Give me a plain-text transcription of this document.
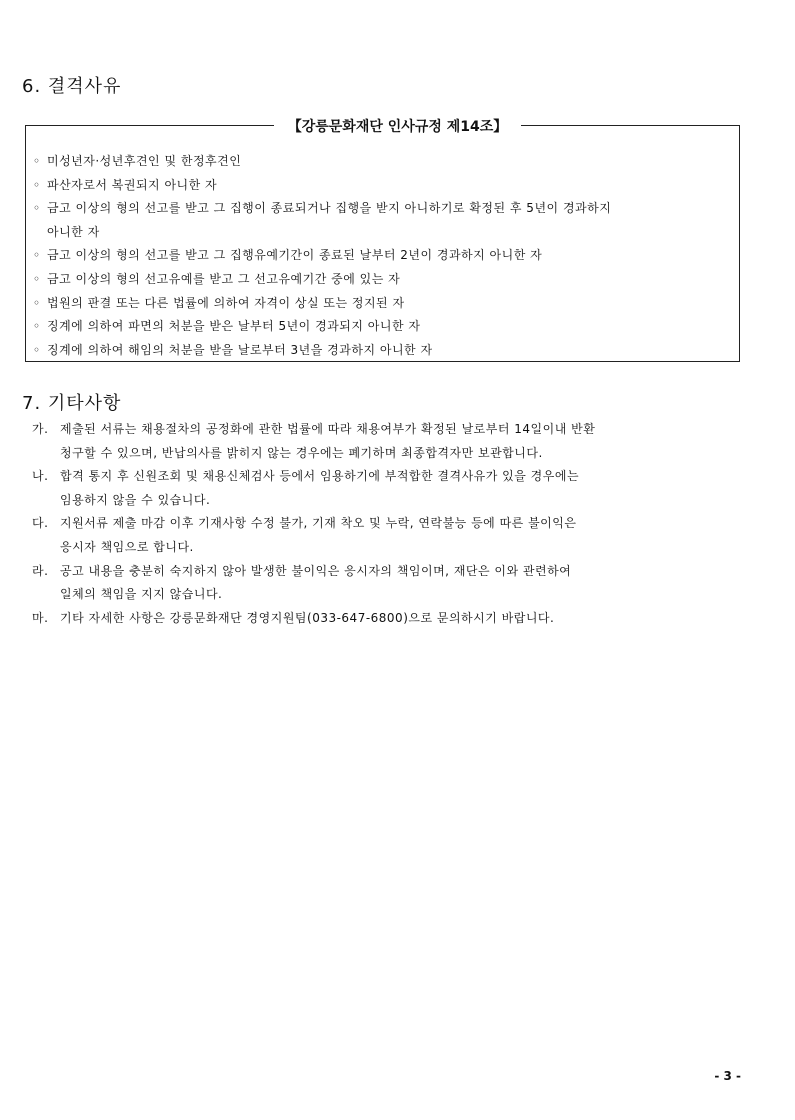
6. 결격사유
【강릉문화재단 인사규정 제14조】
◦ 미성년자·성년후견인 및 한정후견인
◦ 파산자로서 복권되지 아니한 자
◦ 금고 이상의 형의 선고를 받고 그 집행이 종료되거나 집행을 받지 아니하기로 확정된 후 5년이 경과하지
아니한 자
◦ 금고 이상의 형의 선고를 받고 그 집행유예기간이 종료된 날부터 2년이 경과하지 아니한 자
◦ 금고 이상의 형의 선고유예를 받고 그 선고유예기간 중에 있는 자
◦ 법원의 판결 또는 다른 법률에 의하여 자격이 상실 또는 정지된 자
◦ 징계에 의하여 파면의 처분을 받은 날부터 5년이 경과되지 아니한 자
◦ 징계에 의하여 해임의 처분을 받을 날로부터 3년을 경과하지 아니한 자
7. 기타사항
가. 제출된 서류는 채용절차의 공정화에 관한 법률에 따라 채용여부가 확정된 날로부터 14일이내 반환
청구할 수 있으며, 반납의사를 밝히지 않는 경우에는 폐기하며 최종합격자만 보관합니다.
나. 합격 통지 후 신원조회 및 채용신체검사 등에서 임용하기에 부적합한 결격사유가 있을 경우에는
임용하지 않을 수 있습니다.
다. 지원서류 제출 마감 이후 기재사항 수정 불가, 기재 착오 및 누락, 연락불능 등에 따른 불이익은
응시자 책임으로 합니다.
라. 공고 내용을 충분히 숙지하지 않아 발생한 불이익은 응시자의 책임이며, 재단은 이와 관련하여
일체의 책임을 지지 않습니다.
마. 기타 자세한 사항은 강릉문화재단 경영지원팀(033-647-6800)으로 문의하시기 바랍니다.
- 3 -
